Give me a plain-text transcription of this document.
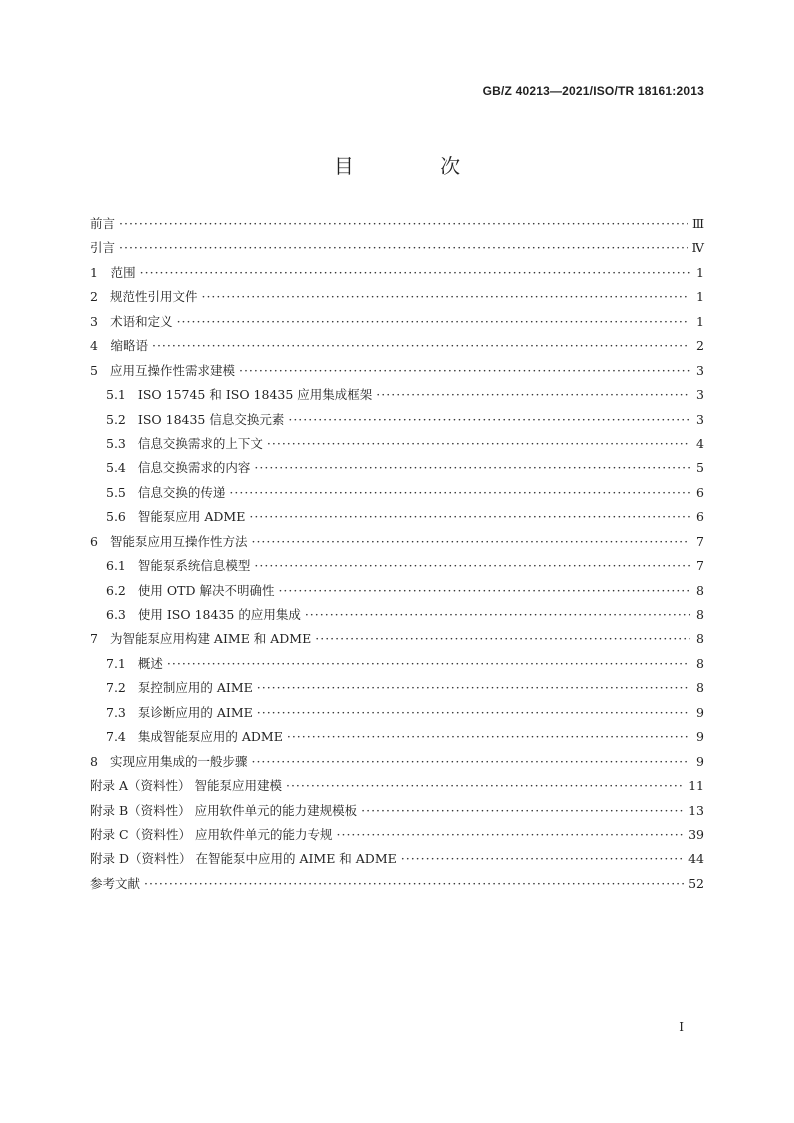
GB/Z 40213—2021/ISO/TR 18161:2013
目 次
前言 ·····	Ⅲ
引言 ·····	Ⅳ
1 范围 ·····	1
2 规范性引用文件 ·····	1
3 术语和定义 ·····	1
4 缩略语 ·····	2
5 应用互操作性需求建模 ·····	3
5.1 ISO 15745 和 ISO 18435 应用集成框架 ·····	3
5.2 ISO 18435 信息交换元素 ·····	3
5.3 信息交换需求的上下文 ·····	4
5.4 信息交换需求的内容 ·····	5
5.5 信息交换的传递 ·····	6
5.6 智能泵应用 ADME ·····	6
6 智能泵应用互操作性方法 ·····	7
6.1 智能泵系统信息模型 ·····	7
6.2 使用 OTD 解决不明确性 ·····	8
6.3 使用 ISO 18435 的应用集成 ·····	8
7 为智能泵应用构建 AIME 和 ADME ·····	8
7.1 概述 ·····	8
7.2 泵控制应用的 AIME ·····	8
7.3 泵诊断应用的 AIME ·····	9
7.4 集成智能泵应用的 ADME ·····	9
8 实现应用集成的一般步骤 ·····	9
附录 A（资料性） 智能泵应用建模 ·····	11
附录 B（资料性） 应用软件单元的能力建规模板 ·····	13
附录 C（资料性） 应用软件单元的能力专规 ·····	39
附录 D（资料性） 在智能泵中应用的 AIME 和 ADME ·····	44
参考文献 ·····	52
I
